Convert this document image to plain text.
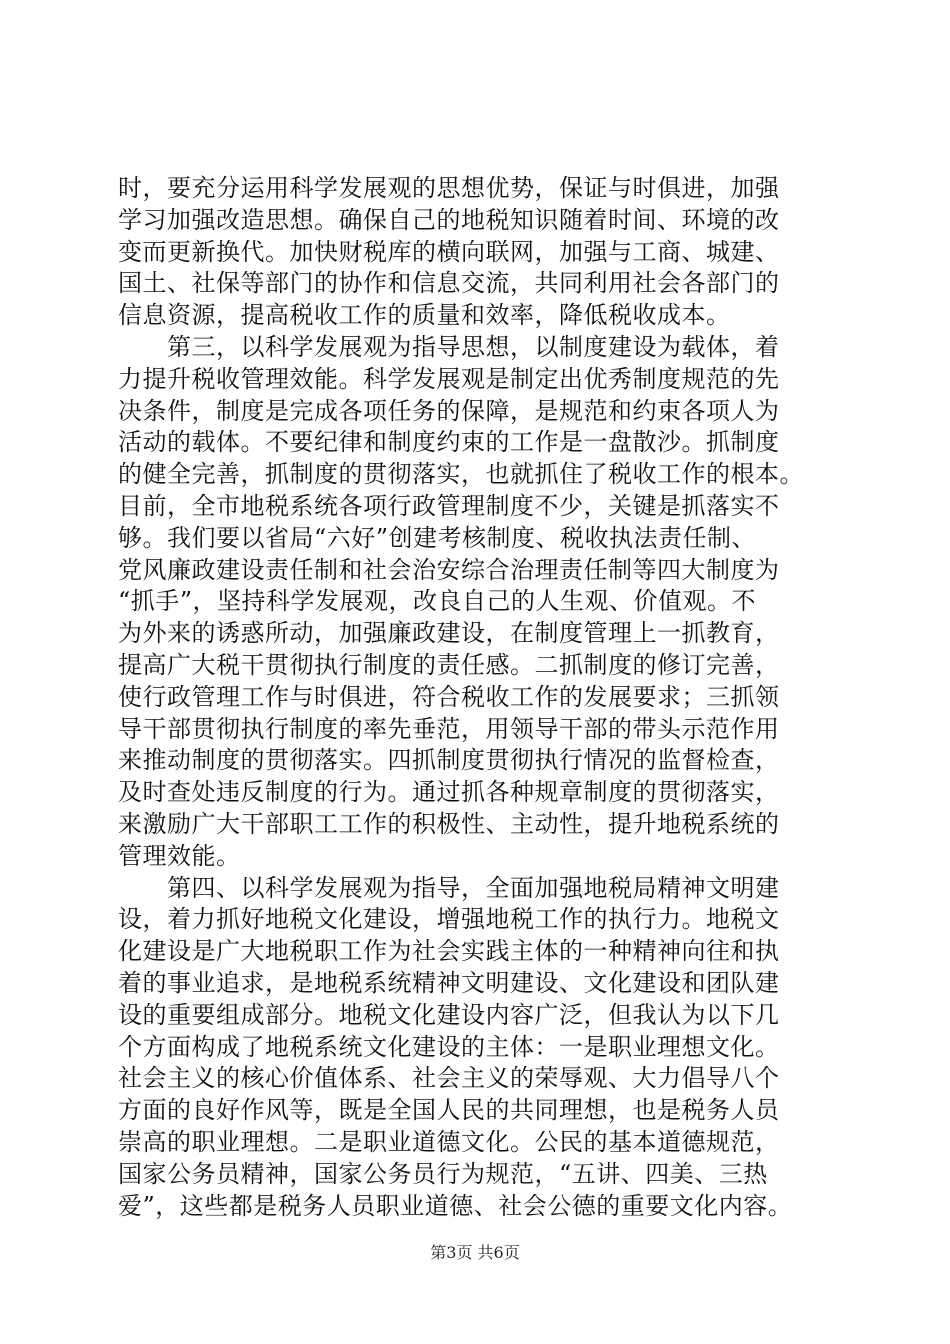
时，要充分运用科学发展观的思想优势，保证与时俱进，加强
学习加强改造思想。确保自己的地税知识随着时间、环境的改
变而更新换代。加快财税库的横向联网，加强与工商、城建、
国土、社保等部门的协作和信息交流，共同利用社会各部门的
信息资源，提高税收工作的质量和效率，降低税收成本。
　　第三，以科学发展观为指导思想，以制度建设为载体，着
力提升税收管理效能。科学发展观是制定出优秀制度规范的先
决条件，制度是完成各项任务的保障，是规范和约束各项人为
活动的载体。不要纪律和制度约束的工作是一盘散沙。抓制度
的健全完善，抓制度的贯彻落实，也就抓住了税收工作的根本。
目前，全市地税系统各项行政管理制度不少，关键是抓落实不
够。我们要以省局“六好”创建考核制度、税收执法责任制、
党风廉政建设责任制和社会治安综合治理责任制等四大制度为
“抓手”，坚持科学发展观，改良自己的人生观、价值观。不
为外来的诱惑所动，加强廉政建设，在制度管理上一抓教育，
提高广大税干贯彻执行制度的责任感。二抓制度的修订完善，
使行政管理工作与时俱进，符合税收工作的发展要求；三抓领
导干部贯彻执行制度的率先垂范，用领导干部的带头示范作用
来推动制度的贯彻落实。四抓制度贯彻执行情况的监督检查，
及时查处违反制度的行为。通过抓各种规章制度的贯彻落实，
来激励广大干部职工工作的积极性、主动性，提升地税系统的
管理效能。
　　第四、以科学发展观为指导，全面加强地税局精神文明建
设，着力抓好地税文化建设，增强地税工作的执行力。地税文
化建设是广大地税职工作为社会实践主体的一种精神向往和执
着的事业追求，是地税系统精神文明建设、文化建设和团队建
设的重要组成部分。地税文化建设内容广泛，但我认为以下几
个方面构成了地税系统文化建设的主体：一是职业理想文化。
社会主义的核心价值体系、社会主义的荣辱观、大力倡导八个
方面的良好作风等，既是全国人民的共同理想，也是税务人员
崇高的职业理想。二是职业道德文化。公民的基本道德规范，
国家公务员精神，国家公务员行为规范，“五讲、四美、三热
爱”，这些都是税务人员职业道德、社会公德的重要文化内容。
第3页 共6页
